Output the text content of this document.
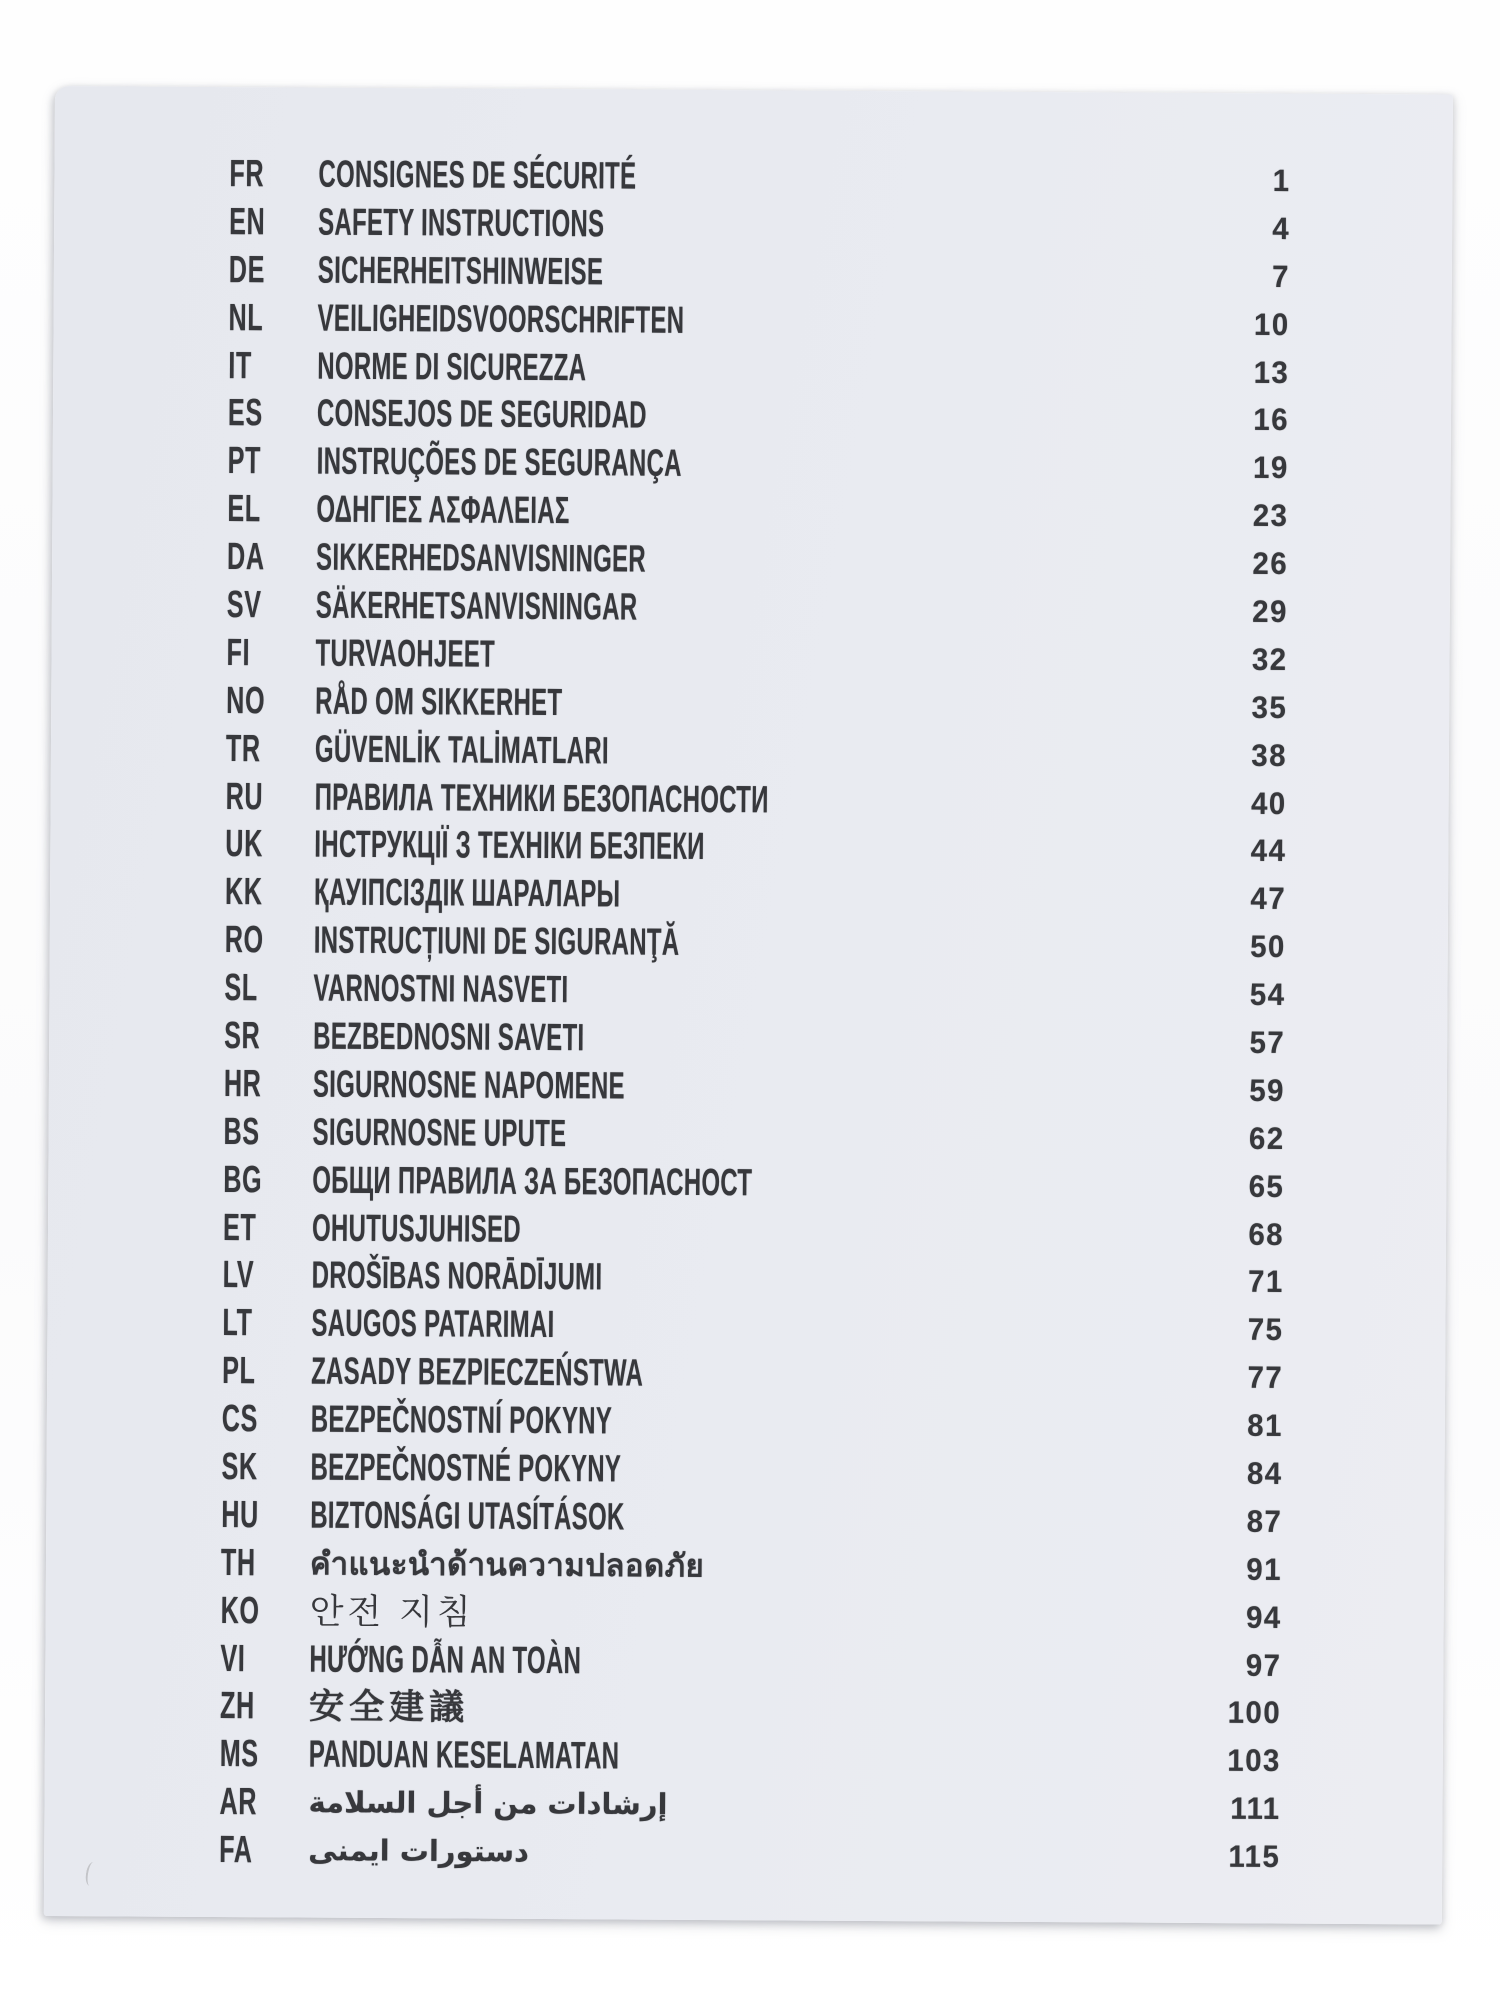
FR CONSIGNES DE SÉCURITÉ	1
EN SAFETY INSTRUCTIONS	4
DE SICHERHEITSHINWEISE	7
NL VEILIGHEIDSVOORSCHRIFTEN	10
IT NORME DI SICUREZZA	13
ES CONSEJOS DE SEGURIDAD	16
PT INSTRUÇÕES DE SEGURANÇA	19
EL ΟΔΗΓΙΕΣ ΑΣΦΑΛΕΙΑΣ	23
DA SIKKERHEDSANVISNINGER	26
SV SÄKERHETSANVISNINGAR	29
FI TURVAOHJEET	32
NO RÅD OM SIKKERHET	35
TR GÜVENLİK TALİMATLARI	38
RU ПРАВИЛА ТЕХНИКИ БЕЗОПАСНОСТИ	40
UK ІНСТРУКЦІЇ З ТЕХНІКИ БЕЗПЕКИ	44
KK ҚАУІПСІЗДІК ШАРАЛАРЫ	47
RO INSTRUCȚIUNI DE SIGURANŢĂ	50
SL VARNOSTNI NASVETI	54
SR BEZBEDNOSNI SAVETI	57
HR SIGURNOSNE NAPOMENE	59
BS SIGURNOSNE UPUTE	62
BG ОБЩИ ПРАВИЛА ЗА БЕЗОПАСНОСТ	65
ET OHUTUSJUHISED	68
LV DROŠĪBAS NORĀDĪJUMI	71
LT SAUGOS PATARIMAI	75
PL ZASADY BEZPIECZEŃSTWA	77
CS BEZPEČNOSTNÍ POKYNY	81
SK BEZPEČNOSTNÉ POKYNY	84
HU BIZTONSÁGI UTASÍTÁSOK	87
TH คำแนะนำด้านความปลอดภัย	91
KO 안전 지침	94
VI HƯỚNG DẪN AN TOÀN	97
ZH 安全建議	100
MS PANDUAN KESELAMATAN	103
AR إرشادات من أجل السلامة	111
FA دستورات ایمنی	115
